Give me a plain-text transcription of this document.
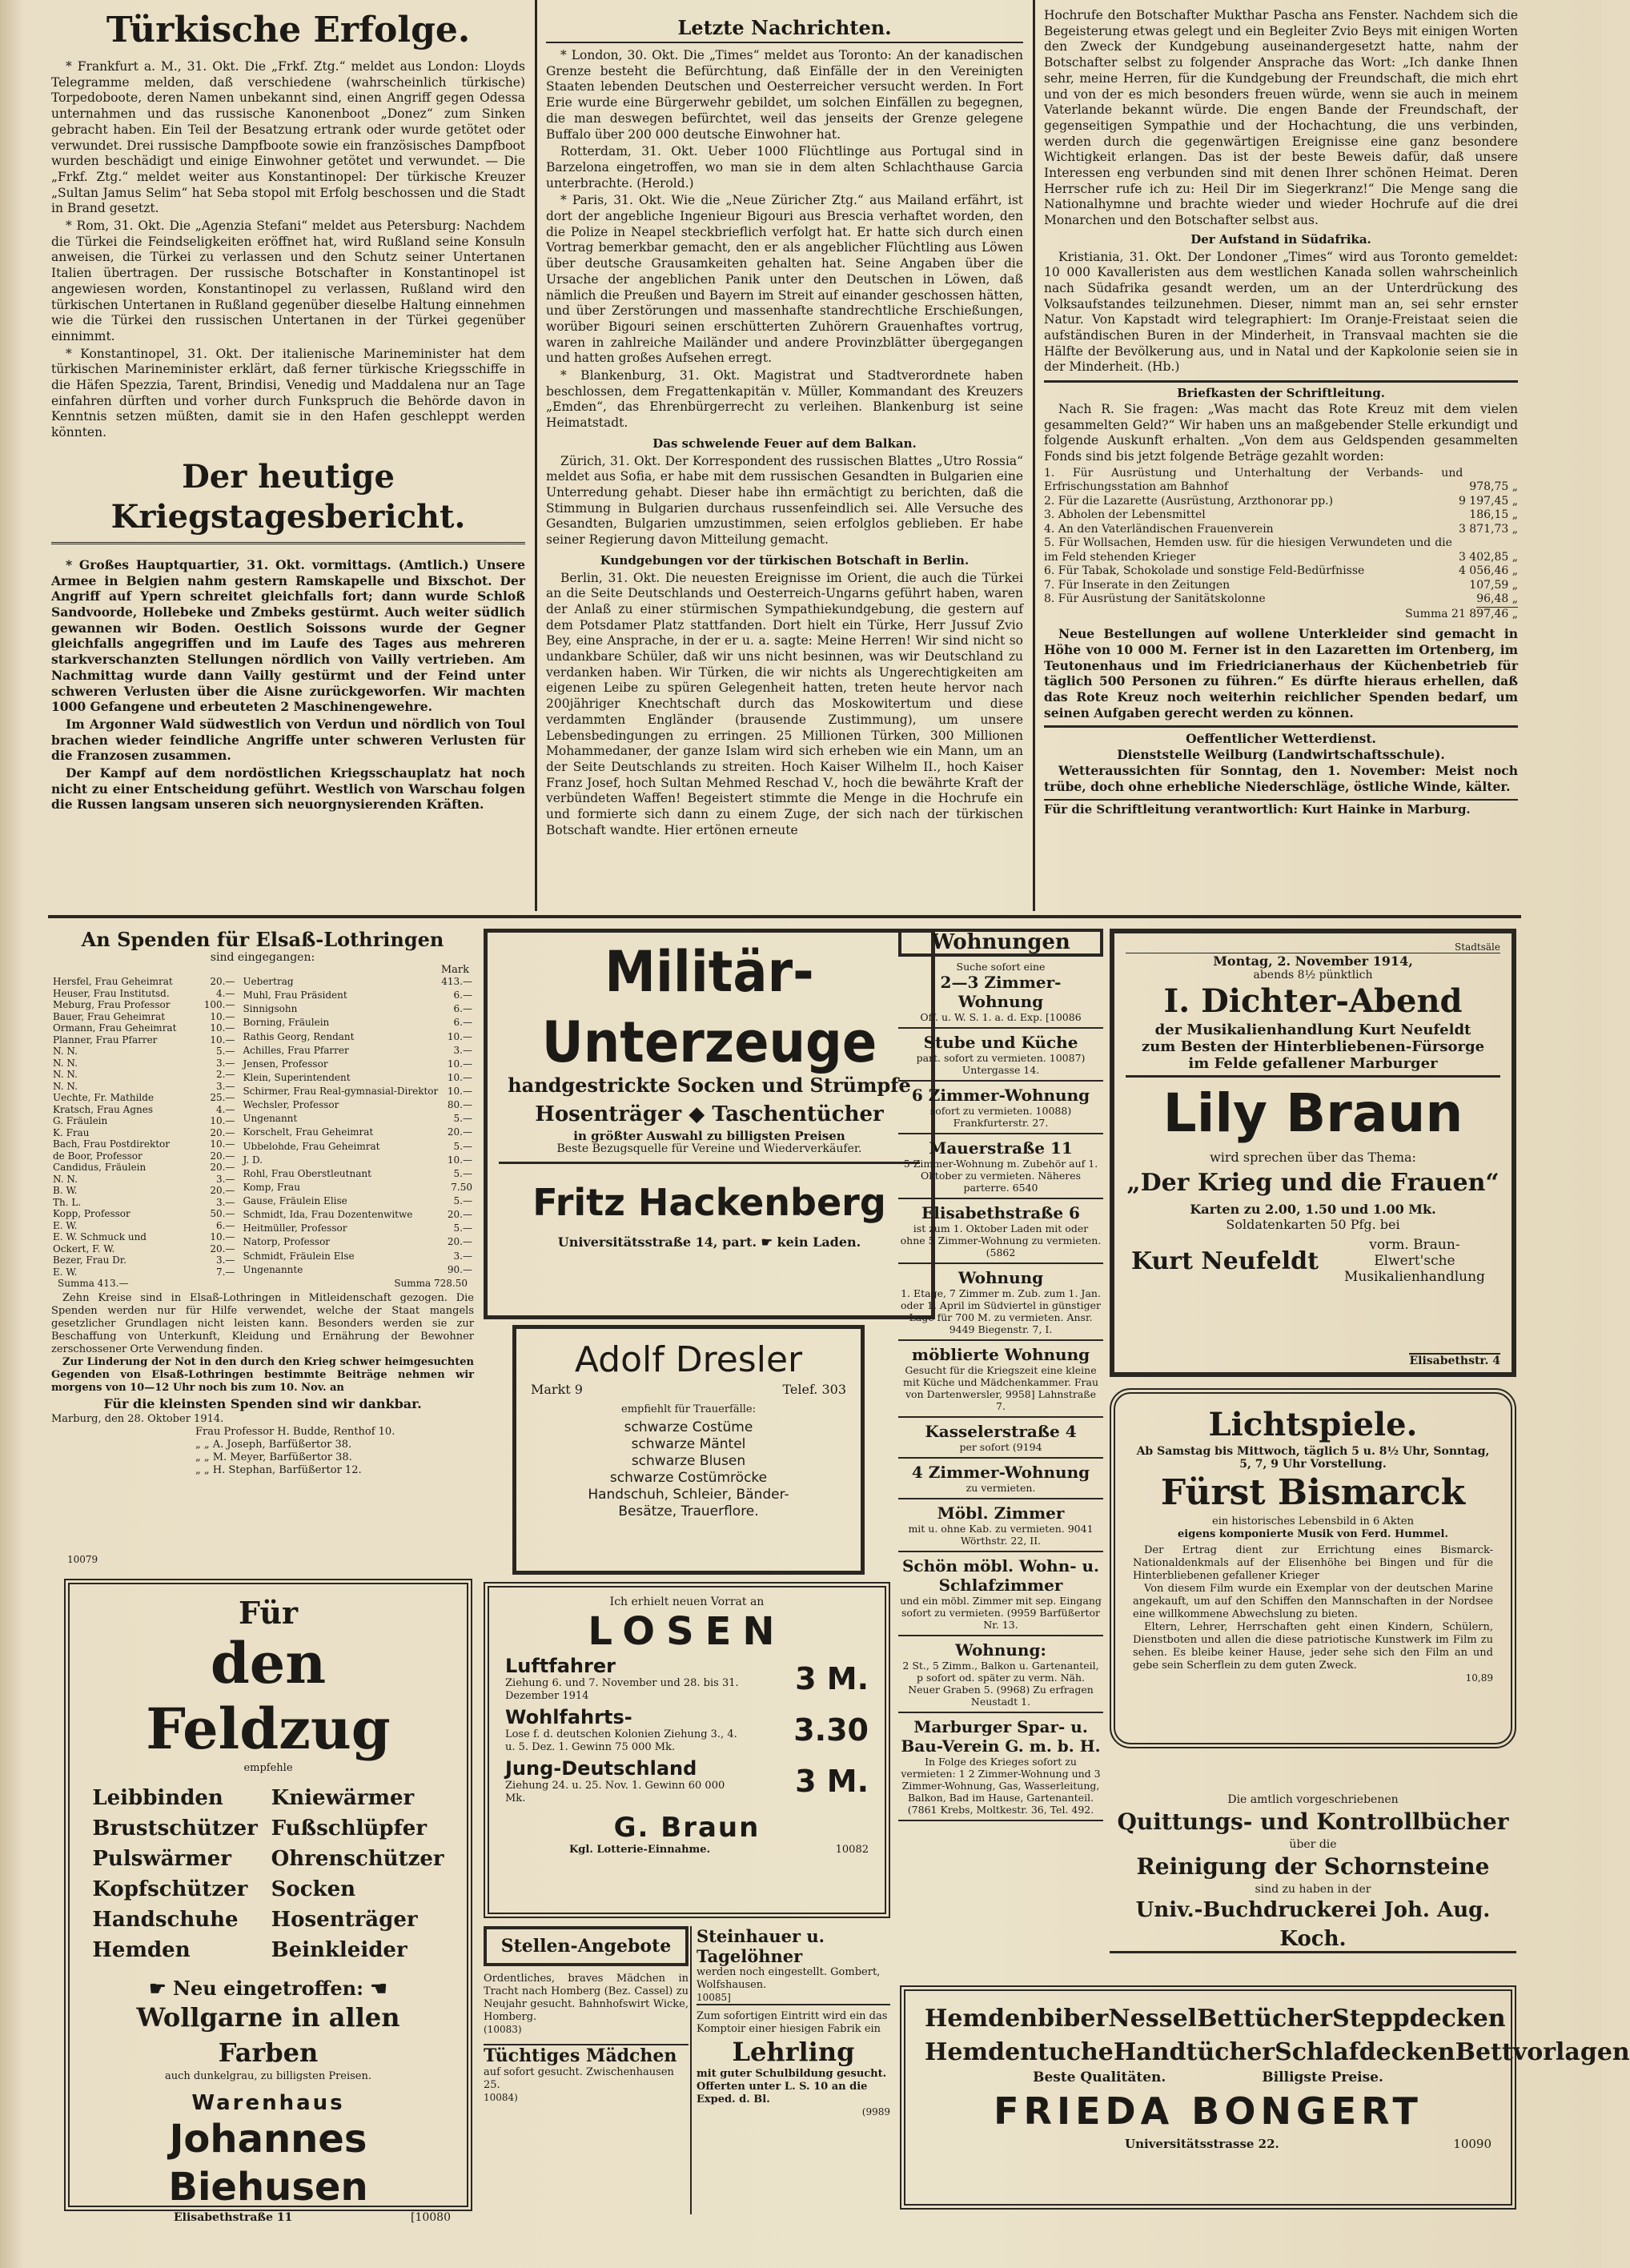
Türkische Erfolge.

* Frankfurt a. M., 31. Okt. Die „Frkf. Ztg.“ meldet aus London: Lloyds Telegramme melden, daß verschiedene (wahrscheinlich türkische) Torpedoboote, deren Namen unbekannt sind, einen Angriff gegen Odessa unternahmen und das russische Kanonenboot „Donez“ zum Sinken gebracht haben. Ein Teil der Besatzung ertrank oder wurde getötet oder verwundet. Drei russische Dampfboote sowie ein französisches Dampfboot wurden beschädigt und einige Einwohner getötet und verwundet. — Die „Frkf. Ztg.“ meldet weiter aus Konstantinopel: Der türkische Kreuzer „Sultan Jamus Selim“ hat Seba stopol mit Erfolg beschossen und die Stadt in Brand gesetzt.

* Rom, 31. Okt. Die „Agenzia Stefani“ meldet aus Petersburg: Nachdem die Türkei die Feindseligkeiten eröffnet hat, wird Rußland seine Konsuln anweisen, die Türkei zu verlassen und den Schutz seiner Untertanen Italien übertragen. Der russische Botschafter in Konstantinopel ist angewiesen worden, Konstantinopel zu verlassen, Rußland wird den türkischen Untertanen in Rußland gegenüber dieselbe Haltung einnehmen wie die Türkei den russischen Untertanen in der Türkei gegenüber einnimmt.

* Konstantinopel, 31. Okt. Der italienische Marineminister hat dem türkischen Marineminister erklärt, daß ferner türkische Kriegsschiffe in die Häfen Spezzia, Tarent, Brindisi, Venedig und Maddalena nur an Tage einfahren dürften und vorher durch Funkspruch die Behörde davon in Kenntnis setzen müßten, damit sie in den Hafen geschleppt werden könnten.

Der heutige Kriegstagesbericht.

* Großes Hauptquartier, 31. Okt. vormittags. (Amtlich.) Unsere Armee in Belgien nahm gestern Ramskapelle und Bixschot. Der Angriff auf Ypern schreitet gleichfalls fort; dann wurde Schloß Sandvoorde, Hollebeke und Zmbeks gestürmt. Auch weiter südlich gewannen wir Boden. Oestlich Soissons wurde der Gegner gleichfalls angegriffen und im Laufe des Tages aus mehreren starkverschanzten Stellungen nördlich von Vailly vertrieben. Am Nachmittag wurde dann Vailly gestürmt und der Feind unter schweren Verlusten über die Aisne zurückgeworfen. Wir machten 1000 Gefangene und erbeuteten 2 Maschinengewehre.

Im Argonner Wald südwestlich von Verdun und nördlich von Toul brachen wieder feindliche Angriffe unter schweren Verlusten für die Franzosen zusammen.

Der Kampf auf dem nordöstlichen Kriegsschauplatz hat noch nicht zu einer Entscheidung geführt. Westlich von Warschau folgen die Russen langsam unseren sich neuorgnysierenden Kräften.

Letzte Nachrichten.

* London, 30. Okt. Die „Times“ meldet aus Toronto: An der kanadischen Grenze besteht die Befürchtung, daß Einfälle der in den Vereinigten Staaten lebenden Deutschen und Oesterreicher versucht werden. In Fort Erie wurde eine Bürgerwehr gebildet, um solchen Einfällen zu begegnen, die man deswegen befürchtet, weil das jenseits der Grenze gelegene Buffalo über 200 000 deutsche Einwohner hat.

Rotterdam, 31. Okt. Ueber 1000 Flüchtlinge aus Portugal sind in Barzelona eingetroffen, wo man sie in dem alten Schlachthause Garcia unterbrachte. (Herold.)

* Paris, 31. Okt. Wie die „Neue Züricher Ztg.“ aus Mailand erfährt, ist dort der angebliche Ingenieur Bigouri aus Brescia verhaftet worden, den die Polize in Neapel steckbrieflich verfolgt hat. Er hatte sich durch einen Vortrag bemerkbar gemacht, den er als angeblicher Flüchtling aus Löwen über deutsche Grausamkeiten gehalten hat. Seine Angaben über die Ursache der angeblichen Panik unter den Deutschen in Löwen, daß nämlich die Preußen und Bayern im Streit auf einander geschossen hätten, und über Zerstörungen und massenhafte standrechtliche Erschießungen, worüber Bigouri seinen erschütterten Zuhörern Grauenhaftes vortrug, waren in zahlreiche Mailänder und andere Provinzblätter übergegangen und hatten großes Aufsehen erregt.

* Blankenburg, 31. Okt. Magistrat und Stadtverordnete haben beschlossen, dem Fregattenkapitän v. Müller, Kommandant des Kreuzers „Emden“, das Ehrenbürgerrecht zu verleihen. Blankenburg ist seine Heimatstadt.

Das schwelende Feuer auf dem Balkan.

Zürich, 31. Okt. Der Korrespondent des russischen Blattes „Utro Rossia“ meldet aus Sofia, er habe mit dem russischen Gesandten in Bulgarien eine Unterredung gehabt. Dieser habe ihn ermächtigt zu berichten, daß die Stimmung in Bulgarien durchaus russenfeindlich sei. Alle Versuche des Gesandten, Bulgarien umzustimmen, seien erfolglos geblieben. Er habe seiner Regierung davon Mitteilung gemacht.

Kundgebungen vor der türkischen Botschaft in Berlin.

Berlin, 31. Okt. Die neuesten Ereignisse im Orient, die auch die Türkei an die Seite Deutschlands und Oesterreich-Ungarns geführt haben, waren der Anlaß zu einer stürmischen Sympathiekundgebung, die gestern auf dem Potsdamer Platz stattfanden. Dort hielt ein Türke, Herr Jussuf Zvio Bey, eine Ansprache, in der er u. a. sagte: Meine Herren! Wir sind nicht so undankbare Schüler, daß wir uns nicht besinnen, was wir Deutschland zu verdanken haben. Wir Türken, die wir nichts als Ungerechtigkeiten am eigenen Leibe zu spüren Gelegenheit hatten, treten heute hervor nach 200jähriger Knechtschaft durch das Moskowitertum und diese verdammten Engländer (brausende Zustimmung), um unsere Lebensbedingungen zu erringen. 25 Millionen Türken, 300 Millionen Mohammedaner, der ganze Islam wird sich erheben wie ein Mann, um an der Seite Deutschlands zu streiten. Hoch Kaiser Wilhelm II., hoch Kaiser Franz Josef, hoch Sultan Mehmed Reschad V., hoch die bewährte Kraft der verbündeten Waffen! Begeistert stimmte die Menge in die Hochrufe ein und formierte sich dann zu einem Zuge, der sich nach der türkischen Botschaft wandte. Hier ertönen erneute

Hochrufe den Botschafter Mukthar Pascha ans Fenster. Nachdem sich die Begeisterung etwas gelegt und ein Begleiter Zvio Beys mit einigen Worten den Zweck der Kundgebung auseinandergesetzt hatte, nahm der Botschafter selbst zu folgender Ansprache das Wort: „Ich danke Ihnen sehr, meine Herren, für die Kundgebung der Freundschaft, die mich ehrt und von der es mich besonders freuen würde, wenn sie auch in meinem Vaterlande bekannt würde. Die engen Bande der Freundschaft, der gegenseitigen Sympathie und der Hochachtung, die uns verbinden, werden durch die gegenwärtigen Ereignisse eine ganz besondere Wichtigkeit erlangen. Das ist der beste Beweis dafür, daß unsere Interessen eng verbunden sind mit denen Ihrer schönen Heimat. Deren Herrscher rufe ich zu: Heil Dir im Siegerkranz!“ Die Menge sang die Nationalhymne und brachte wieder und wieder Hochrufe auf die drei Monarchen und den Botschafter selbst aus.

Der Aufstand in Südafrika.

Kristiania, 31. Okt. Der Londoner „Times“ wird aus Toronto gemeldet: 10 000 Kavalleristen aus dem westlichen Kanada sollen wahrscheinlich nach Südafrika gesandt werden, um an der Unterdrückung des Volksaufstandes teilzunehmen. Dieser, nimmt man an, sei sehr ernster Natur. Von Kapstadt wird telegraphiert: Im Oranje-Freistaat seien die aufständischen Buren in der Minderheit, in Transvaal machten sie die Hälfte der Bevölkerung aus, und in Natal und der Kapkolonie seien sie in der Minderheit. (Hb.)

Briefkasten der Schriftleitung.

Nach R. Sie fragen: „Was macht das Rote Kreuz mit dem vielen gesammelten Geld?“ Wir haben uns an maßgebender Stelle erkundigt und folgende Auskunft erhalten. „Von dem aus Geldspenden gesammelten Fonds sind bis jetzt folgende Beträge gezahlt worden:

1. Für Ausrüstung und Unterhaltung der Verbands- und Erfrischungsstation am Bahnhof	978,75 „
2. Für die Lazarette (Ausrüstung, Arzthonorar pp.)	9 197,45 „
3. Abholen der Lebensmittel	186,15 „
4. An den Vaterländischen Frauenverein	3 871,73 „
5. Für Wollsachen, Hemden usw. für die hiesigen Verwundeten und die im Feld stehenden Krieger	3 402,85 „
6. Für Tabak, Schokolade und sonstige Feld-Bedürfnisse	4 056,46 „
7. Für Inserate in den Zeitungen	107,59 „
8. Für Ausrüstung der Sanitätskolonne	96,48 „
Summa 21 897,46 „

Neue Bestellungen auf wollene Unterkleider sind gemacht in Höhe von 10 000 M. Ferner ist in den Lazaretten im Ortenberg, im Teutonenhaus und im Friedricianerhaus der Küchenbetrieb für täglich 500 Personen zu führen.“ Es dürfte hieraus erhellen, daß das Rote Kreuz noch weiterhin reichlicher Spenden bedarf, um seinen Aufgaben gerecht werden zu können.

Oeffentlicher Wetterdienst.
Dienststelle Weilburg (Landwirtschaftsschule).

Wetteraussichten für Sonntag, den 1. November: Meist noch trübe, doch ohne erhebliche Niederschläge, östliche Winde, kälter.

Für die Schriftleitung verantwortlich: Kurt Hainke in Marburg.
An Spenden für Elsaß-Lothringen
sind eingegangen:
Mark
Hersfel, Frau Geheimrat	20.—
Heuser, Frau Institutsd.	4.—
Meburg, Frau Professor	100.—
Bauer, Frau Geheimrat	10.—
Ormann, Frau Geheimrat	10.—
Planner, Frau Pfarrer	10.—
N. N.	5.—
N. N.	3.—
N. N.	2.—
N. N.	3.—
Uechte, Fr. Mathilde	25.—
Kratsch, Frau Agnes	4.—
G. Fräulein	10.—
K. Frau	20.—
Bach, Frau Postdirektor	10.—
de Boor, Professor	20.—
Candidus, Fräulein	20.—
N. N.	3.—
B. W.	20.—
Th. L.	3.—
Kopp, Professor	50.—
E. W.	6.—
E. W. Schmuck und	10.—
Ockert, F. W.	20.—
Bezer, Frau Dr.	3.—
E. W.	7.—
Uebertrag	413.—
Muhl, Frau Präsident	6.—
Sinnigsohn	6.—
Borning, Fräulein	6.—
Rathis Georg, Rendant	10.—
Achilles, Frau Pfarrer	3.—
Jensen, Professor	10.—
Klein, Superintendent	10.—
Schirmer, Frau Real-gymnasial-Direktor	10.—
Wechsler, Professor	80.—
Ungenannt	5.—
Korschelt, Frau Geheimrat	20.—
Ubbelohde, Frau Geheimrat	5.—
J. D.	10.—
Rohl, Frau Oberstleutnant	5.—
Komp, Frau	7.50
Gause, Fräulein Elise	5.—
Schmidt, Ida, Frau Dozentenwitwe	20.—
Heitmüller, Professor	5.—
Natorp, Professor	20.—
Schmidt, Fräulein Else	3.—
Ungenannte	90.—
Summa 413.—	Summa 728.50

Zehn Kreise sind in Elsaß-Lothringen in Mitleidenschaft gezogen. Die Spenden werden nur für Hilfe verwendet, welche der Staat mangels gesetzlicher Grundlagen nicht leisten kann. Besonders werden sie zur Beschaffung von Unterkunft, Kleidung und Ernährung der Bewohner zerschossener Orte Verwendung finden.

Zur Linderung der Not in den durch den Krieg schwer heimgesuchten Gegenden von Elsaß-Lothringen bestimmte Beiträge nehmen wir morgens von 10—12 Uhr noch bis zum 10. Nov. an

Für die kleinsten Spenden sind wir dankbar.
Marburg, den 28. Oktober 1914.
Frau Professor H. Budde, Renthof 10.
„ „ A. Joseph, Barfüßertor 38.
„ „ M. Meyer, Barfüßertor 38.
„ „ H. Stephan, Barfüßertor 12.
10079
Für
den Feldzug
empfehle
Leibbinden
Brustschützer
Pulswärmer
Kopfschützer
Handschuhe
Hemden
Kniewärmer
Fußschlüpfer
Ohrenschützer
Socken
Hosenträger
Beinkleider
☛ Neu eingetroffen: ☚
Wollgarne in allen Farben
auch dunkelgrau, zu billigsten Preisen.
Warenhaus
Johannes Biehusen
Elisabethstraße 11	[10080
Militär-Unterzeuge
handgestrickte Socken und Strümpfe
Hosenträger ◆ Taschentücher
in größter Auswahl zu billigsten Preisen
Beste Bezugsquelle für Vereine und Wiederverkäufer.
Fritz Hackenberg
Universitätsstraße 14, part. ☛ kein Laden.
Adolf Dresler
Markt 9	Telef. 303
empfiehlt für Trauerfälle:
schwarze Costüme
schwarze Mäntel
schwarze Blusen
schwarze Costümröcke
Handschuh, Schleier, Bänder-
Besätze, Trauerflore.
Ich erhielt neuen Vorrat an
LOSEN
Luftfahrer
Ziehung 6. und 7. November und 28. bis 31. Dezember 1914	3 M.
Wohlfahrts-
Lose f. d. deutschen Kolonien Ziehung 3., 4. u. 5. Dez. 1. Gewinn 75 000 Mk.	3.30
Jung-Deutschland
Ziehung 24. u. 25. Nov. 1. Gewinn 60 000 Mk.	3 M.
G. Braun
Kgl. Lotterie-Einnahme.	10082
Stellen-Angebote
Ordentliches, braves Mädchen in Tracht nach Homberg (Bez. Cassel) zu Neujahr gesucht. Bahnhofswirt Wicke, Homberg.
(10083)
Tüchtiges Mädchen
auf sofort gesucht. Zwischenhausen 25.
10084)
Steinhauer u. Tagelöhner
werden noch eingestellt. Gombert, Wolfshausen.
10085]
Zum sofortigen Eintritt wird ein das Komptoir einer hiesigen Fabrik ein
Lehrling
mit guter Schulbildung gesucht. Offerten unter L. S. 10 an die Exped. d. Bl.
(9989
Wohnungen
Suche sofort eine
2—3 Zimmer-Wohnung
Off. u. W. S. 1. a. d. Exp. [10086
Stube und Küche
part. sofort zu vermieten. 10087) Untergasse 14.
6 Zimmer-Wohnung
sofort zu vermieten. 10088) Frankfurterstr. 27.
Mauerstraße 11
5 Zimmer-Wohnung m. Zubehör auf 1. Oktober zu vermieten. Näheres parterre. 6540
Elisabethstraße 6
ist zum 1. Oktober Laden mit oder ohne 5 Zimmer-Wohnung zu vermieten. (5862
Wohnung
1. Etage, 7 Zimmer m. Zub. zum 1. Jan. oder 1. April im Südviertel in günstiger Lage für 700 M. zu vermieten. Ansr. 9449 Biegenstr. 7, I.
möblierte Wohnung
Gesucht für die Kriegszeit eine kleine mit Küche und Mädchenkammer. Frau von Dartenwersler, 9958] Lahnstraße 7.
Kasselerstraße 4
per sofort (9194
4 Zimmer-Wohnung
zu vermieten.
Möbl. Zimmer
mit u. ohne Kab. zu vermieten. 9041 Wörthstr. 22, II.
Schön möbl. Wohn- u. Schlafzimmer
und ein möbl. Zimmer mit sep. Eingang sofort zu vermieten. (9959 Barfüßertor Nr. 13.
Wohnung:
2 St., 5 Zimm., Balkon u. Gartenanteil, p sofort od. später zu verm. Näh. Neuer Graben 5. (9968) Zu erfragen Neustadt 1.
Marburger Spar- u. Bau-Verein G. m. b. H.
In Folge des Krieges sofort zu vermieten: 1 2 Zimmer-Wohnung und 3 Zimmer-Wohnung, Gas, Wasserleitung, Balkon, Bad im Hause, Gartenanteil. (7861 Krebs, Moltkestr. 36, Tel. 492.
Stadtsäle
Montag, 2. November 1914,
abends 8½ pünktlich
I. Dichter-Abend
der Musikalienhandlung Kurt Neufeldt
zum Besten der Hinterbliebenen-Fürsorge
im Felde gefallener Marburger
Lily Braun
wird sprechen über das Thema:
„Der Krieg und die Frauen“
Karten zu 2.00, 1.50 und 1.00 Mk.
Soldatenkarten 50 Pfg. bei
Kurt Neufeldt
vorm. Braun-Elwert'sche Musikalienhandlung
Elisabethstr. 4
Lichtspiele.
Ab Samstag bis Mittwoch, täglich 5 u. 8½ Uhr, Sonntag, 5, 7, 9 Uhr Vorstellung.
Fürst Bismarck
ein historisches Lebensbild in 6 Akten
eigens komponierte Musik von Ferd. Hummel.
Der Ertrag dient zur Errichtung eines Bismarck-Nationaldenkmals auf der Elisenhöhe bei Bingen und für die Hinterbliebenen gefallener Krieger
Von diesem Film wurde ein Exemplar von der deutschen Marine angekauft, um auf den Schiffen den Mannschaften in der Nordsee eine willkommene Abwechslung zu bieten.
Eltern, Lehrer, Herrschaften geht einen Kindern, Schülern, Dienstboten und allen die diese patriotische Kunstwerk im Film zu sehen. Es bleibe keiner Hause, jeder sehe sich den Film an und gebe sein Scherflein zu dem guten Zweck.
10,89
Die amtlich vorgeschriebenen
Quittungs- und Kontrollbücher
über die
Reinigung der Schornsteine
sind zu haben in der
Univ.-Buchdruckerei Joh. Aug. Koch.
Hemdenbiber Nessel Bettücher Steppdecken
Hemdentuche Handtücher Schlafdecken Bettvorlagen
Beste Qualitäten.	Billigste Preise.
FRIEDA BONGERT
Universitätsstrasse 22.	10090
